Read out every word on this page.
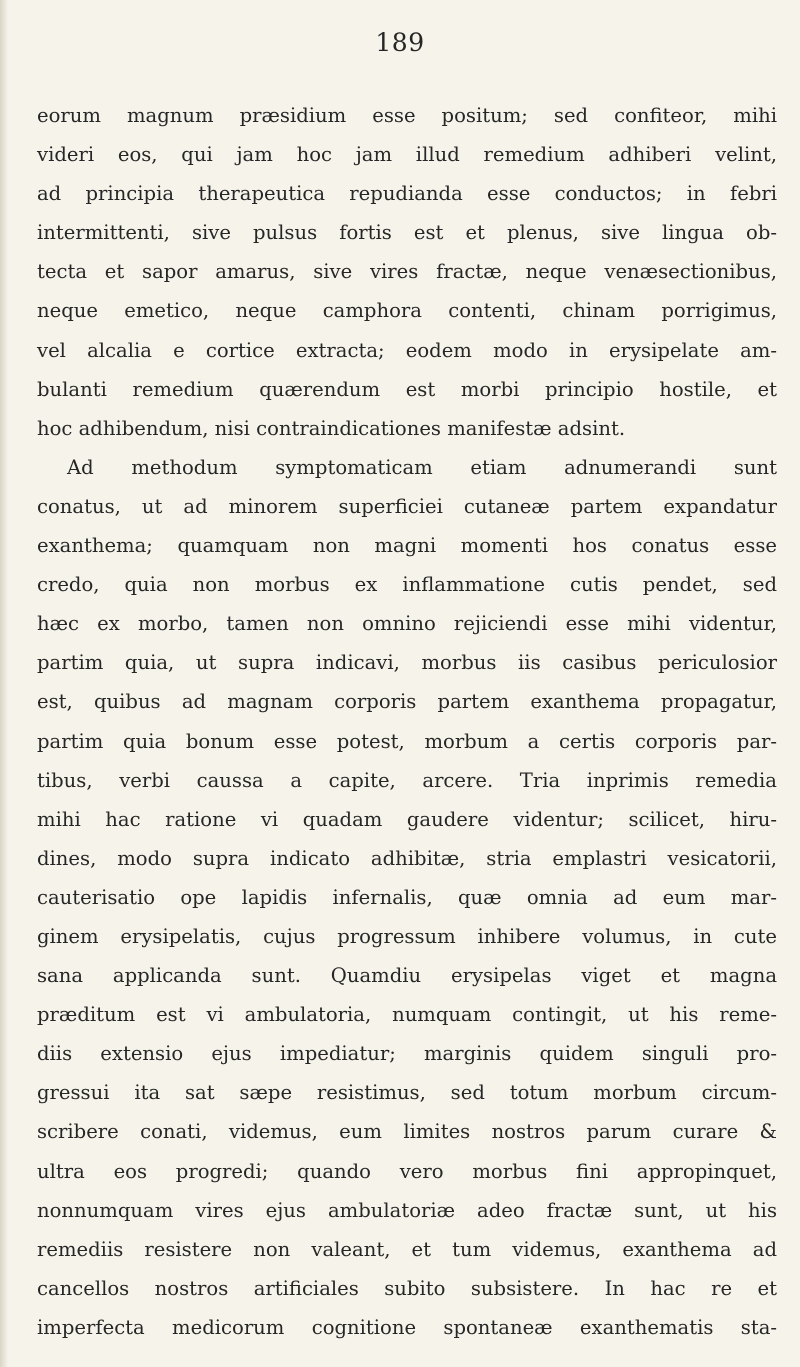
189
eorum magnum præsidium esse positum; sed confiteor, mihi
videri eos, qui jam hoc jam illud remedium adhiberi velint,
ad principia therapeutica repudianda esse conductos; in febri
intermittenti, sive pulsus fortis est et plenus, sive lingua ob-
tecta et sapor amarus, sive vires fractæ, neque venæsectionibus,
neque emetico, neque camphora contenti, chinam porrigimus,
vel alcalia e cortice extracta; eodem modo in erysipelate am-
bulanti remedium quærendum est morbi principio hostile, et
hoc adhibendum, nisi contraindicationes manifestæ adsint.
Ad methodum symptomaticam etiam adnumerandi sunt
conatus, ut ad minorem superficiei cutaneæ partem expandatur
exanthema; quamquam non magni momenti hos conatus esse
credo, quia non morbus ex inflammatione cutis pendet, sed
hæc ex morbo, tamen non omnino rejiciendi esse mihi videntur,
partim quia, ut supra indicavi, morbus iis casibus periculosior
est, quibus ad magnam corporis partem exanthema propagatur,
partim quia bonum esse potest, morbum a certis corporis par-
tibus, verbi caussa a capite, arcere. Tria inprimis remedia
mihi hac ratione vi quadam gaudere videntur; scilicet, hiru-
dines, modo supra indicato adhibitæ, stria emplastri vesicatorii,
cauterisatio ope lapidis infernalis, quæ omnia ad eum mar-
ginem erysipelatis, cujus progressum inhibere volumus, in cute
sana applicanda sunt. Quamdiu erysipelas viget et magna
præditum est vi ambulatoria, numquam contingit, ut his reme-
diis extensio ejus impediatur; marginis quidem singuli pro-
gressui ita sat sæpe resistimus, sed totum morbum circum-
scribere conati, videmus, eum limites nostros parum curare &
ultra eos progredi; quando vero morbus fini appropinquet,
nonnumquam vires ejus ambulatoriæ adeo fractæ sunt, ut his
remediis resistere non valeant, et tum videmus, exanthema ad
cancellos nostros artificiales subito subsistere. In hac re et
imperfecta medicorum cognitione spontaneæ exanthematis sta-
